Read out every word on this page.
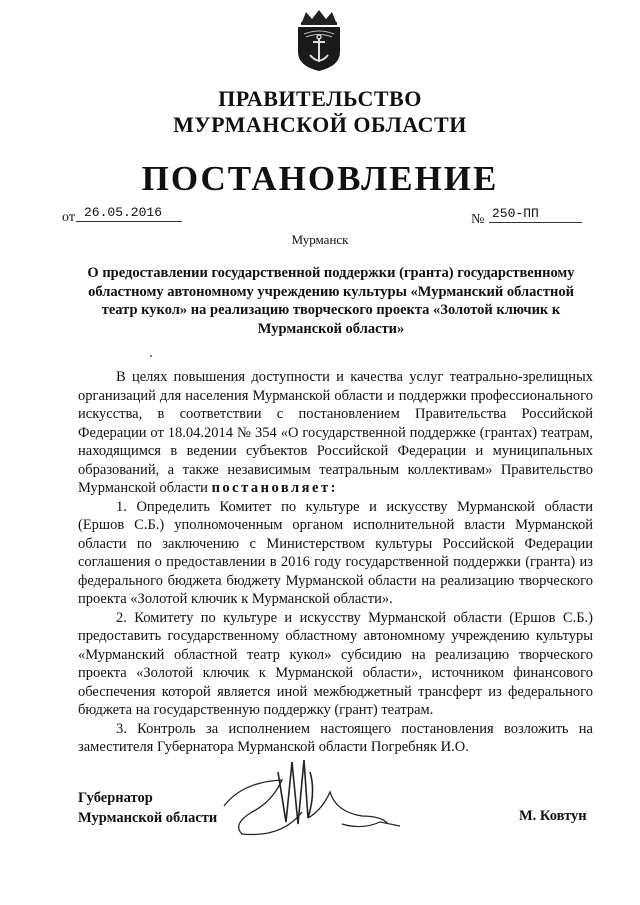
ПРАВИТЕЛЬСТВО
МУРМАНСКОЙ ОБЛАСТИ
ПОСТАНОВЛЕНИЕ
от 26.05.2016	№ 250-ПП
Мурманск
О предоставлении государственной поддержки (гранта) государственному областному автономному учреждению культуры «Мурманский областной театр кукол» на реализацию творческого проекта «Золотой ключик к Мурманской области»

В целях повышения доступности и качества услуг театрально-зрелищных организаций для населения Мурманской области и поддержки профессионального искусства, в соответствии с постановлением Правительства Российской Федерации от 18.04.2014 № 354 «О государственной поддержке (грантах) театрам, находящимся в ведении субъектов Российской Федерации и муниципальных образований, а также независимым театральным коллективам» Правительство Мурманской области постановляет:

1. Определить Комитет по культуре и искусству Мурманской области (Ершов С.Б.) уполномоченным органом исполнительной власти Мурманской области по заключению с Министерством культуры Российской Федерации соглашения о предоставлении в 2016 году государственной поддержки (гранта) из федерального бюджета бюджету Мурманской области на реализацию творческого проекта «Золотой ключик к Мурманской области».

2. Комитету по культуре и искусству Мурманской области (Ершов С.Б.) предоставить государственному областному автономному учреждению культуры «Мурманский областной театр кукол» субсидию на реализацию творческого проекта «Золотой ключик к Мурманской области», источником финансового обеспечения которой является иной межбюджетный трансферт из федерального бюджета на государственную поддержку (грант) театрам.

3. Контроль за исполнением настоящего постановления возложить на заместителя Губернатора Мурманской области Погребняк И.О.

Губернатор
Мурманской области	М. Ковтун
